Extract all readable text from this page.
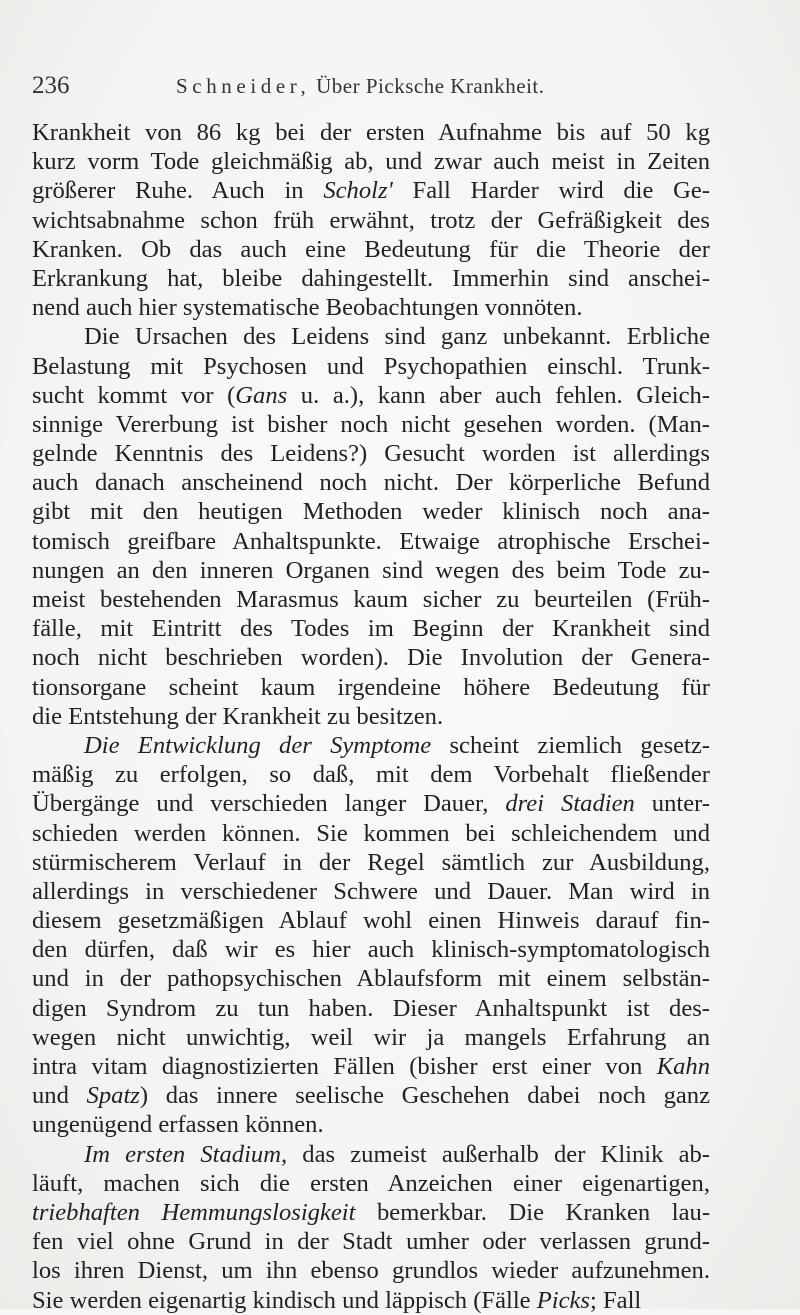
236	Schneider, Über Picksche Krankheit.
Krankheit von 86 kg bei der ersten Aufnahme bis auf 50 kg
kurz vorm Tode gleichmäßig ab, und zwar auch meist in Zeiten
größerer Ruhe. Auch in Scholz' Fall Harder wird die Ge-
wichtsabnahme schon früh erwähnt, trotz der Gefräßigkeit des
Kranken. Ob das auch eine Bedeutung für die Theorie der
Erkrankung hat, bleibe dahingestellt. Immerhin sind anschei-
nend auch hier systematische Beobachtungen vonnöten.
Die Ursachen des Leidens sind ganz unbekannt. Erbliche
Belastung mit Psychosen und Psychopathien einschl. Trunk-
sucht kommt vor (Gans u. a.), kann aber auch fehlen. Gleich-
sinnige Vererbung ist bisher noch nicht gesehen worden. (Man-
gelnde Kenntnis des Leidens?) Gesucht worden ist allerdings
auch danach anscheinend noch nicht. Der körperliche Befund
gibt mit den heutigen Methoden weder klinisch noch ana-
tomisch greifbare Anhaltspunkte. Etwaige atrophische Erschei-
nungen an den inneren Organen sind wegen des beim Tode zu-
meist bestehenden Marasmus kaum sicher zu beurteilen (Früh-
fälle, mit Eintritt des Todes im Beginn der Krankheit sind
noch nicht beschrieben worden). Die Involution der Genera-
tionsorgane scheint kaum irgendeine höhere Bedeutung für
die Entstehung der Krankheit zu besitzen.
Die Entwicklung der Symptome scheint ziemlich gesetz-
mäßig zu erfolgen, so daß, mit dem Vorbehalt fließender
Übergänge und verschieden langer Dauer, drei Stadien unter-
schieden werden können. Sie kommen bei schleichendem und
stürmischerem Verlauf in der Regel sämtlich zur Ausbildung,
allerdings in verschiedener Schwere und Dauer. Man wird in
diesem gesetzmäßigen Ablauf wohl einen Hinweis darauf fin-
den dürfen, daß wir es hier auch klinisch-symptomatologisch
und in der pathopsychischen Ablaufsform mit einem selbstän-
digen Syndrom zu tun haben. Dieser Anhaltspunkt ist des-
wegen nicht unwichtig, weil wir ja mangels Erfahrung an
intra vitam diagnostizierten Fällen (bisher erst einer von Kahn
und Spatz) das innere seelische Geschehen dabei noch ganz
ungenügend erfassen können.
Im ersten Stadium, das zumeist außerhalb der Klinik ab-
läuft, machen sich die ersten Anzeichen einer eigenartigen,
triebhaften Hemmungslosigkeit bemerkbar. Die Kranken lau-
fen viel ohne Grund in der Stadt umher oder verlassen grund-
los ihren Dienst, um ihn ebenso grundlos wieder aufzunehmen.
Sie werden eigenartig kindisch und läppisch (Fälle Picks; Fall
